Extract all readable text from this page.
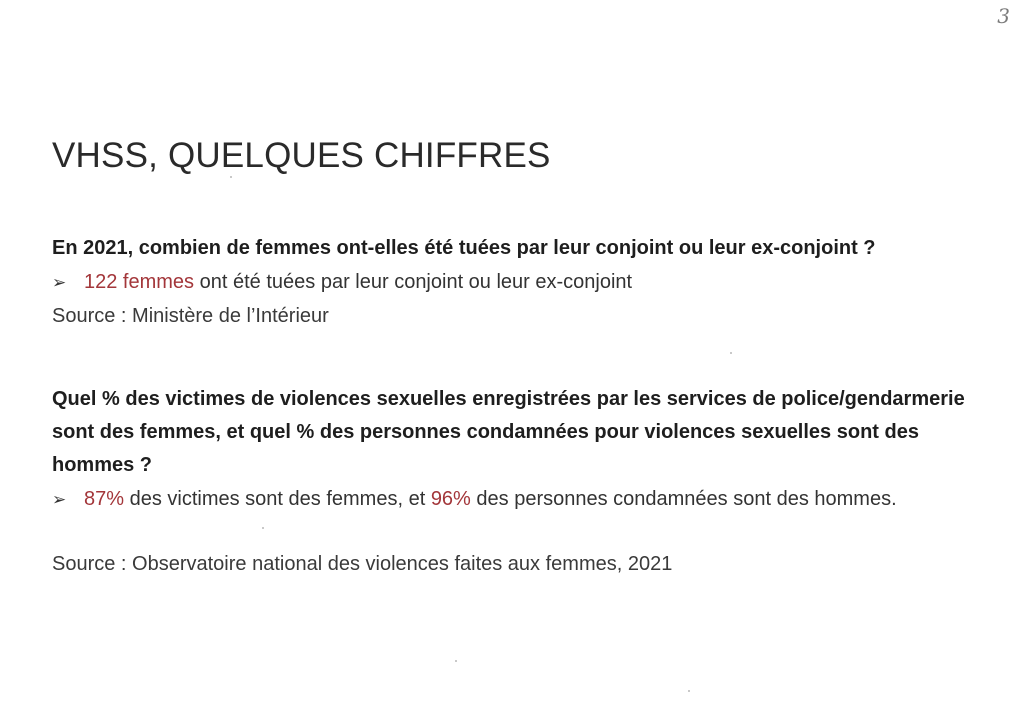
3
VHSS, QUELQUES CHIFFRES

En 2021, combien de femmes ont-elles été tuées par leur conjoint ou leur ex-conjoint ?

➢ 122 femmes ont été tuées par leur conjoint ou leur ex-conjoint
Source : Ministère de l’Intérieur

Quel % des victimes de violences sexuelles enregistrées par les services de police/gendarmerie sont des femmes, et quel % des personnes condamnées pour violences sexuelles sont des hommes ?

➢ 87% des victimes sont des femmes, et 96% des personnes condamnées sont des hommes.
Source : Observatoire national des violences faites aux femmes, 2021
